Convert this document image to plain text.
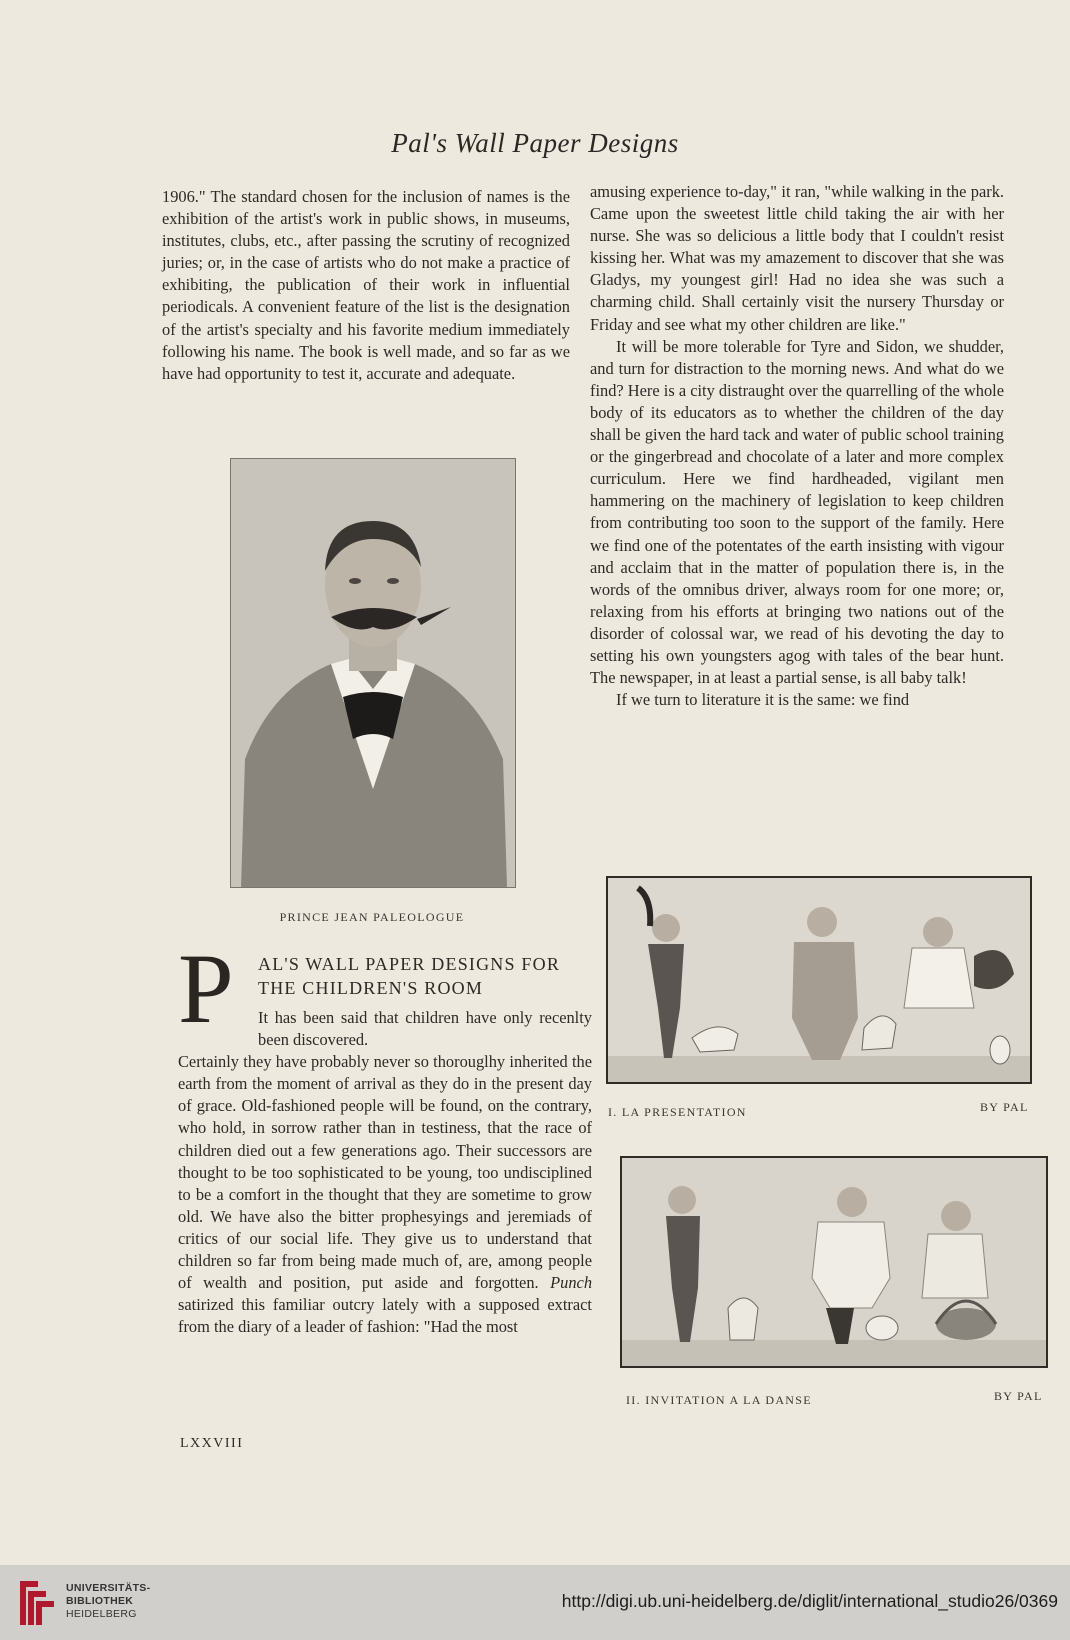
Pal's Wall Paper Designs

1906." The standard chosen for the inclusion of names is the exhibition of the artist's work in public shows, in museums, institutes, clubs, etc., after passing the scrutiny of recognized juries; or, in the case of artists who do not make a practice of exhibiting, the publication of their work in influential periodicals. A convenient feature of the list is the designation of the artist's specialty and his favorite medium immediately following his name. The book is well made, and so far as we have had opportunity to test it, accurate and adequate.

PRINCE JEAN PALEOLOGUE
P AL'S WALL PAPER DESIGNS FOR THE CHILDREN'S ROOM

It has been said that children have only recenlty been discovered.
Certainly they have probably never so thorouglhy inherited the earth from the moment of arrival as they do in the present day of grace. Old-fashioned people will be found, on the contrary, who hold, in sorrow rather than in testiness, that the race of children died out a few generations ago. Their successors are thought to be too sophisticated to be young, too undisciplined to be a comfort in the thought that they are sometime to grow old. We have also the bitter prophesyings and jeremiads of critics of our social life. They give us to understand that children so far from being made much of, are, among people of wealth and position, put aside and forgotten. Punch satirized this familiar outcry lately with a supposed extract from the diary of a leader of fashion: "Had the most

amusing experience to-day," it ran, "while walking in the park. Came upon the sweetest little child taking the air with her nurse. She was so delicious a little body that I couldn't resist kissing her. What was my amazement to discover that she was Gladys, my youngest girl! Had no idea she was such a charming child. Shall certainly visit the nursery Thursday or Friday and see what my other children are like."

It will be more tolerable for Tyre and Sidon, we shudder, and turn for distraction to the morning news. And what do we find? Here is a city distraught over the quarrelling of the whole body of its educators as to whether the children of the day shall be given the hard tack and water of public school training or the gingerbread and chocolate of a later and more complex curriculum. Here we find hardheaded, vigilant men hammering on the machinery of legislation to keep children from contributing too soon to the support of the family. Here we find one of the potentates of the earth insisting with vigour and acclaim that in the matter of population there is, in the words of the omnibus driver, always room for one more; or, relaxing from his efforts at bringing two nations out of the disorder of colossal war, we read of his devoting the day to setting his own youngsters agog with tales of the bear hunt. The newspaper, in at least a partial sense, is all baby talk!

If we turn to literature it is the same: we find

I. LA PRESENTATION	BY PAL
II. INVITATION A LA DANSE	BY PAL
LXXVIII
UNIVERSITÄTS-
BIBLIOTHEK
HEIDELBERG
http://digi.ub.uni-heidelberg.de/diglit/international_studio26/0369
